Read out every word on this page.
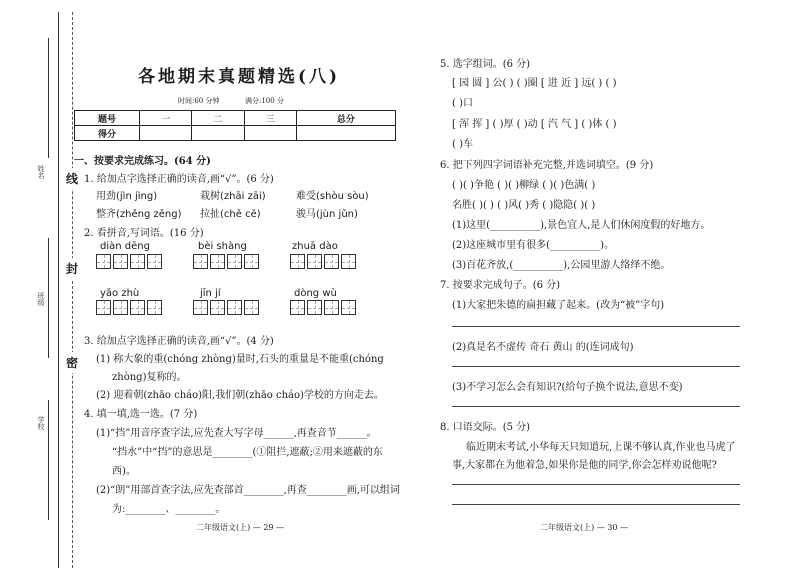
姓名
班级
学校
线
封
密
各地期末真题精选(八)
时间:60 分钟	满分:100 分
题号	一	二	三	总分
得分				
一、按要求完成练习。(64 分)
1. 给加点字选择正确的读音,画“√”。(6 分)
用劲(jìn jìng)	栽树(zhāi zāi)	难受(shòu sòu)
整齐(zhěng zěng) 拉扯(chě cě)	骏马(jùn jǔn)
2. 看拼音,写词语。(16 分)
diàn dēng	bèi shàng	zhuā dào
yǎo zhù	jīn jí	dòng wù
3. 给加点字选择正确的读音,画“√”。(4 分)
(1) 称大象的重(chóng zhòng)量时,石头的重量是不能重(chóng
zhòng)复称的。
(2) 迎着朝(zhāo cháo)阳,我们朝(zhāo cháo)学校的方向走去。
4. 填一填,选一选。(7 分)
(1)“挡”用音序查字法,应先查大写字母______,再查音节______。
“挡水”中“挡”的意思是________(①阻拦,遮蔽;②用来遮蔽的东
西)。
(2)“朗”用部首查字法,应先查部首________,再查________画,可以组词
为:________、________。
二年级语文(上) — 29 —
5. 选字组词。(6 分)
[ 园 圆 ] 公( ) ( )圈 [ 进 近 ] 远( ) ( )
( )口
[ 浑 挥 ] ( )厚 ( )动 [ 汽 气 ] ( )体 ( )
( )车
6. 把下列四字词语补充完整,并选词填空。(9 分)
( )( )争艳 ( )( )柳绿 ( )( )色满( )
名胜( )( ) ( )风( )秀 ( )隐隐( )( )
(1)这里(__________),景色宜人,是人们休闲度假的好地方。
(2)这座城市里有很多(__________)。
(3)百花齐放,(__________),公园里游人络绎不绝。
7. 按要求完成句子。(6 分)
(1)大家把朱德的扁担藏了起来。(改为“被”字句)
(2)真是名不虚传 奇石 黄山 的(连词成句)
(3)不学习怎么会有知识?(给句子换个说法,意思不变)
8. 口语交际。(5 分)
临近期末考试,小华每天只知道玩,上课不够认真,作业也马虎了
事,大家都在为他着急,如果你是他的同学,你会怎样劝说他呢?
二年级语文(上) — 30 —
